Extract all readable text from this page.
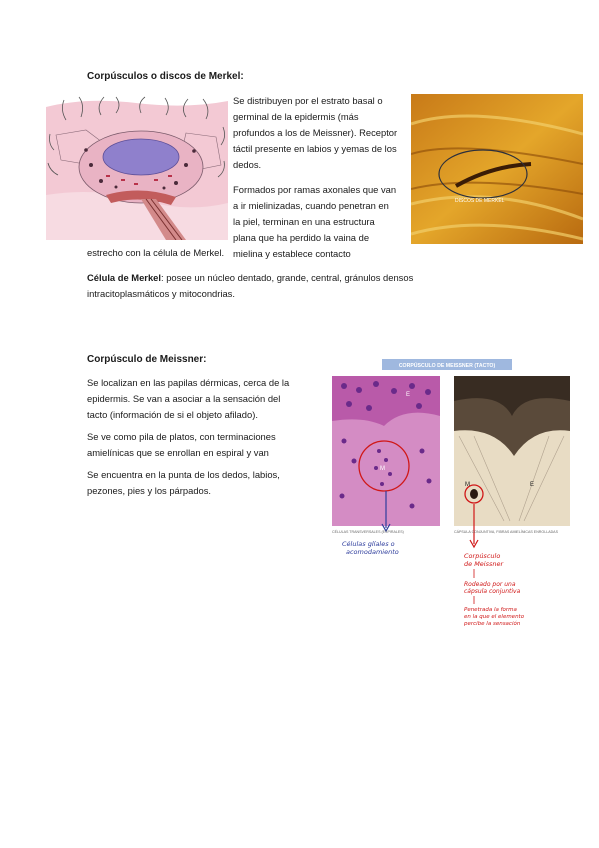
Corpúsculos o discos de Merkel:

Se distribuyen por el estrato basal o germinal de la epidermis (más profundos a los de Meissner). Receptor táctil presente en labios y yemas de los dedos.

Formados por ramas axonales que van a ir mielinizadas, cuando penetran en la piel, terminan en una estructura plana que ha perdido la vaina de mielina y establece contacto

estrecho con la célula de Merkel.
DISCOS DE MERKEL
Célula de Merkel: posee un núcleo dentado, grande, central, gránulos densos intracitoplasmáticos y mitocondrias.
Corpúsculo de Meissner:

Se localizan en las papilas dérmicas, cerca de la epidermis. Se van a asociar a la sensación del tacto (información de si el objeto afilado).

Se ve como pila de platos, con terminaciones amielínicas que se enrollan en espiral y van

Se encuentra en la punta de los dedos, labios, pezones, pies y los párpados.

CORPÚSCULO DE MEISSNER (TACTO)
M
E
CÉLULAS TRANSVERSALES (ESPIRALES)
M	E
CÁPSULA CONJUNTIVA, FIBRAS AMIELÍNICAS ENROLLADAS
Células glíales o acomodamiento	Corpúsculo de Meissner
Rodeado por una cápsula conjuntiva
Penetrada la forma en la que el elemento percibe la sensación
